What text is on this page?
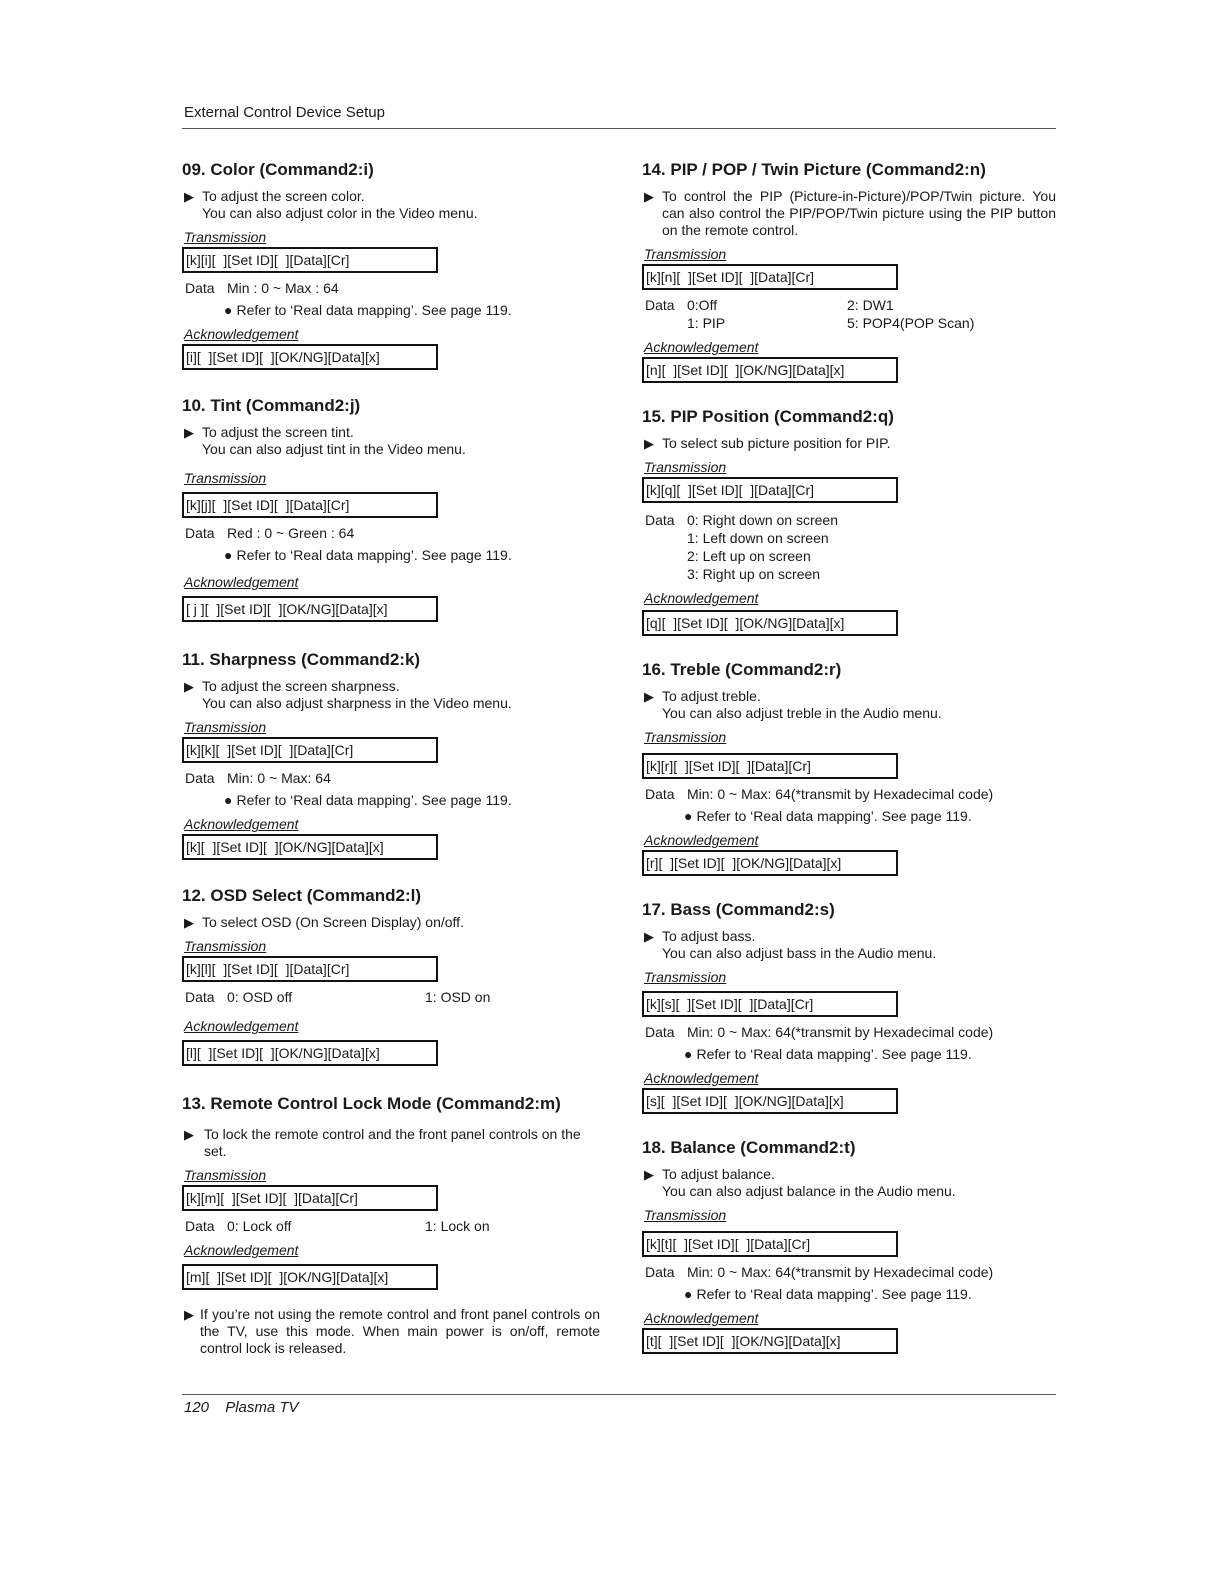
External Control Device Setup
09. Color (Command2:i)
▶ To adjust the screen color.
You can also adjust color in the Video menu.
Transmission
[k][i][  ][Set ID][  ][Data][Cr]
Data Min : 0 ~ Max : 64
● Refer to ‘Real data mapping’. See page 119.
Acknowledgement
[i][  ][Set ID][  ][OK/NG][Data][x]
10. Tint (Command2:j)
▶ To adjust the screen tint.
You can also adjust tint in the Video menu.
Transmission
[k][j][  ][Set ID][  ][Data][Cr]
Data Red : 0 ~ Green : 64
● Refer to ‘Real data mapping’. See page 119.
Acknowledgement
[ j ][  ][Set ID][  ][OK/NG][Data][x]
11. Sharpness (Command2:k)
▶ To adjust the screen sharpness.
You can also adjust sharpness in the Video menu.
Transmission
[k][k][  ][Set ID][  ][Data][Cr]
Data Min: 0 ~ Max: 64
● Refer to ‘Real data mapping’. See page 119.
Acknowledgement
[k][  ][Set ID][  ][OK/NG][Data][x]
12. OSD Select (Command2:l)
▶ To select OSD (On Screen Display) on/off.
Transmission
[k][l][  ][Set ID][  ][Data][Cr]
Data 0: OSD off	1: OSD on
Acknowledgement
[l][  ][Set ID][  ][OK/NG][Data][x]
13. Remote Control Lock Mode (Command2:m)
▶ To lock the remote control and the front panel controls on the set.
Transmission
[k][m][  ][Set ID][  ][Data][Cr]
Data 0: Lock off	1: Lock on
Acknowledgement
[m][  ][Set ID][  ][OK/NG][Data][x]
▶ If you’re not using the remote control and front panel controls on the TV, use this mode. When main power is on/off, remote control lock is released.
14. PIP / POP / Twin Picture (Command2:n)
▶ To control the PIP (Picture-in-Picture)/POP/Twin picture. You can also control the PIP/POP/Twin picture using the PIP button on the remote control.
Transmission
[k][n][  ][Set ID][  ][Data][Cr]
Data 0:Off	2: DW1
1: PIP	5: POP4(POP Scan)
Acknowledgement
[n][  ][Set ID][  ][OK/NG][Data][x]
15. PIP Position (Command2:q)
▶ To select sub picture position for PIP.
Transmission
[k][q][  ][Set ID][  ][Data][Cr]
Data 0: Right down on screen
1: Left down on screen
2: Left up on screen
3: Right up on screen
Acknowledgement
[q][  ][Set ID][  ][OK/NG][Data][x]
16. Treble (Command2:r)
▶ To adjust treble.
You can also adjust treble in the Audio menu.
Transmission
[k][r][  ][Set ID][  ][Data][Cr]
Data Min: 0 ~ Max: 64(*transmit by Hexadecimal code)
● Refer to ‘Real data mapping’. See page 119.
Acknowledgement
[r][  ][Set ID][  ][OK/NG][Data][x]
17. Bass (Command2:s)
▶ To adjust bass.
You can also adjust bass in the Audio menu.
Transmission
[k][s][  ][Set ID][  ][Data][Cr]
Data Min: 0 ~ Max: 64(*transmit by Hexadecimal code)
● Refer to ‘Real data mapping’. See page 119.
Acknowledgement
[s][  ][Set ID][  ][OK/NG][Data][x]
18. Balance (Command2:t)
▶ To adjust balance.
You can also adjust balance in the Audio menu.
Transmission
[k][t][  ][Set ID][  ][Data][Cr]
Data Min: 0 ~ Max: 64(*transmit by Hexadecimal code)
● Refer to ‘Real data mapping’. See page 119.
Acknowledgement
[t][  ][Set ID][  ][OK/NG][Data][x]
120 Plasma TV
